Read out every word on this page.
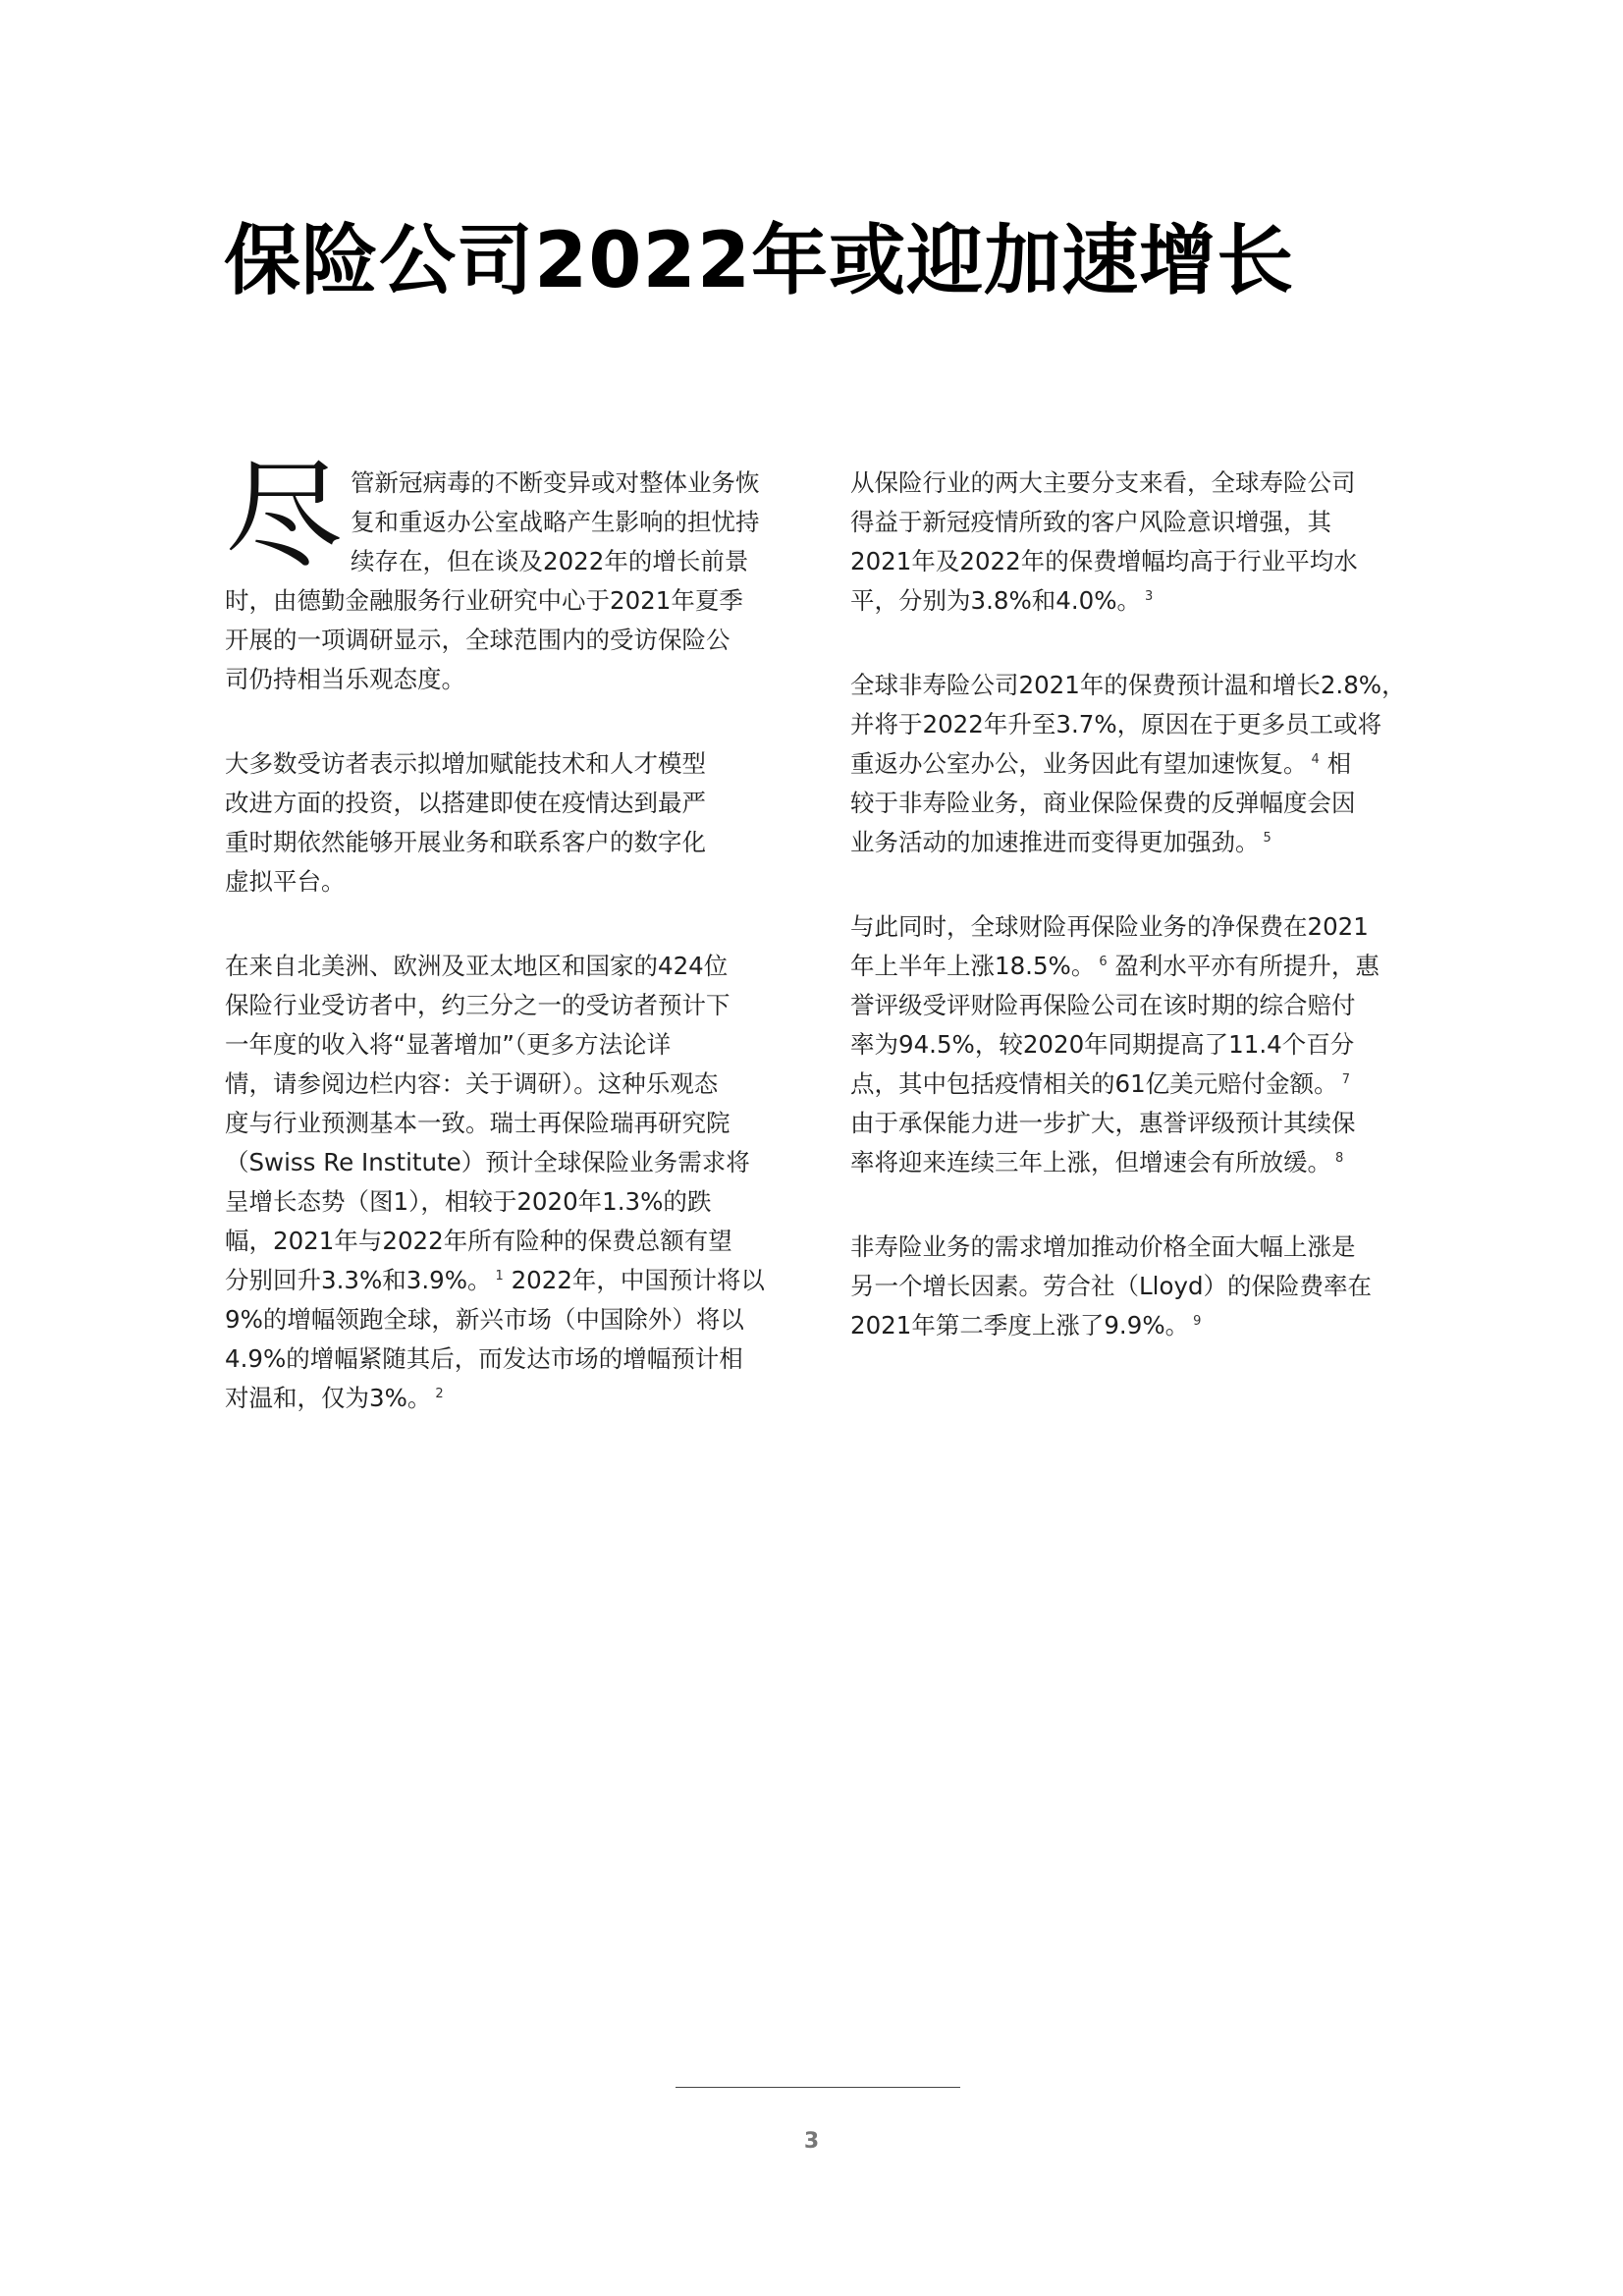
保险公司2022年或迎加速增长

尽 管新冠病毒的不断变异或对整体业务恢
复和重返办公室战略产生影响的担忧持
续存在，但在谈及2022年的增长前景
时，由德勤金融服务行业研究中心于2021年夏季
开展的一项调研显示，全球范围内的受访保险公
司仍持相当乐观态度。

大多数受访者表示拟增加赋能技术和人才模型
改进方面的投资，以搭建即使在疫情达到最严
重时期依然能够开展业务和联系客户的数字化
虚拟平台。

在来自北美洲、欧洲及亚太地区和国家的424位
保险行业受访者中，约三分之一的受访者预计下
一年度的收入将“显著增加”（更多方法论详
情，请参阅边栏内容：关于调研）。这种乐观态
度与行业预测基本一致。瑞士再保险瑞再研究院
（Swiss Re Institute）预计全球保险业务需求将
呈增长态势（图1），相较于2020年1.3%的跌
幅，2021年与2022年所有险种的保费总额有望
分别回升3.3%和3.9%。 $^1$ 2022年，中国预计将以
9%的增幅领跑全球，新兴市场（中国除外）将以
4.9%的增幅紧随其后，而发达市场的增幅预计相
对温和，仅为3%。 $^2$

从保险行业的两大主要分支来看，全球寿险公司
得益于新冠疫情所致的客户风险意识增强，其
2021年及2022年的保费增幅均高于行业平均水
平，分别为3.8%和4.0%。 $^3$

全球非寿险公司2021年的保费预计温和增长2.8%，
并将于2022年升至3.7%，原因在于更多员工或将
重返办公室办公，业务因此有望加速恢复。 $^4$ 相
较于非寿险业务，商业保险保费的反弹幅度会因
业务活动的加速推进而变得更加强劲。 $^5$

与此同时，全球财险再保险业务的净保费在2021
年上半年上涨18.5%。 $^6$ 盈利水平亦有所提升，惠
誉评级受评财险再保险公司在该时期的综合赔付
率为94.5%，较2020年同期提高了11.4个百分
点，其中包括疫情相关的61亿美元赔付金额。 $^7$
由于承保能力进一步扩大，惠誉评级预计其续保
率将迎来连续三年上涨，但增速会有所放缓。 $^8$

非寿险业务的需求增加推动价格全面大幅上涨是
另一个增长因素。劳合社（Lloyd）的保险费率在
2021年第二季度上涨了9.9%。 $^9$

3
